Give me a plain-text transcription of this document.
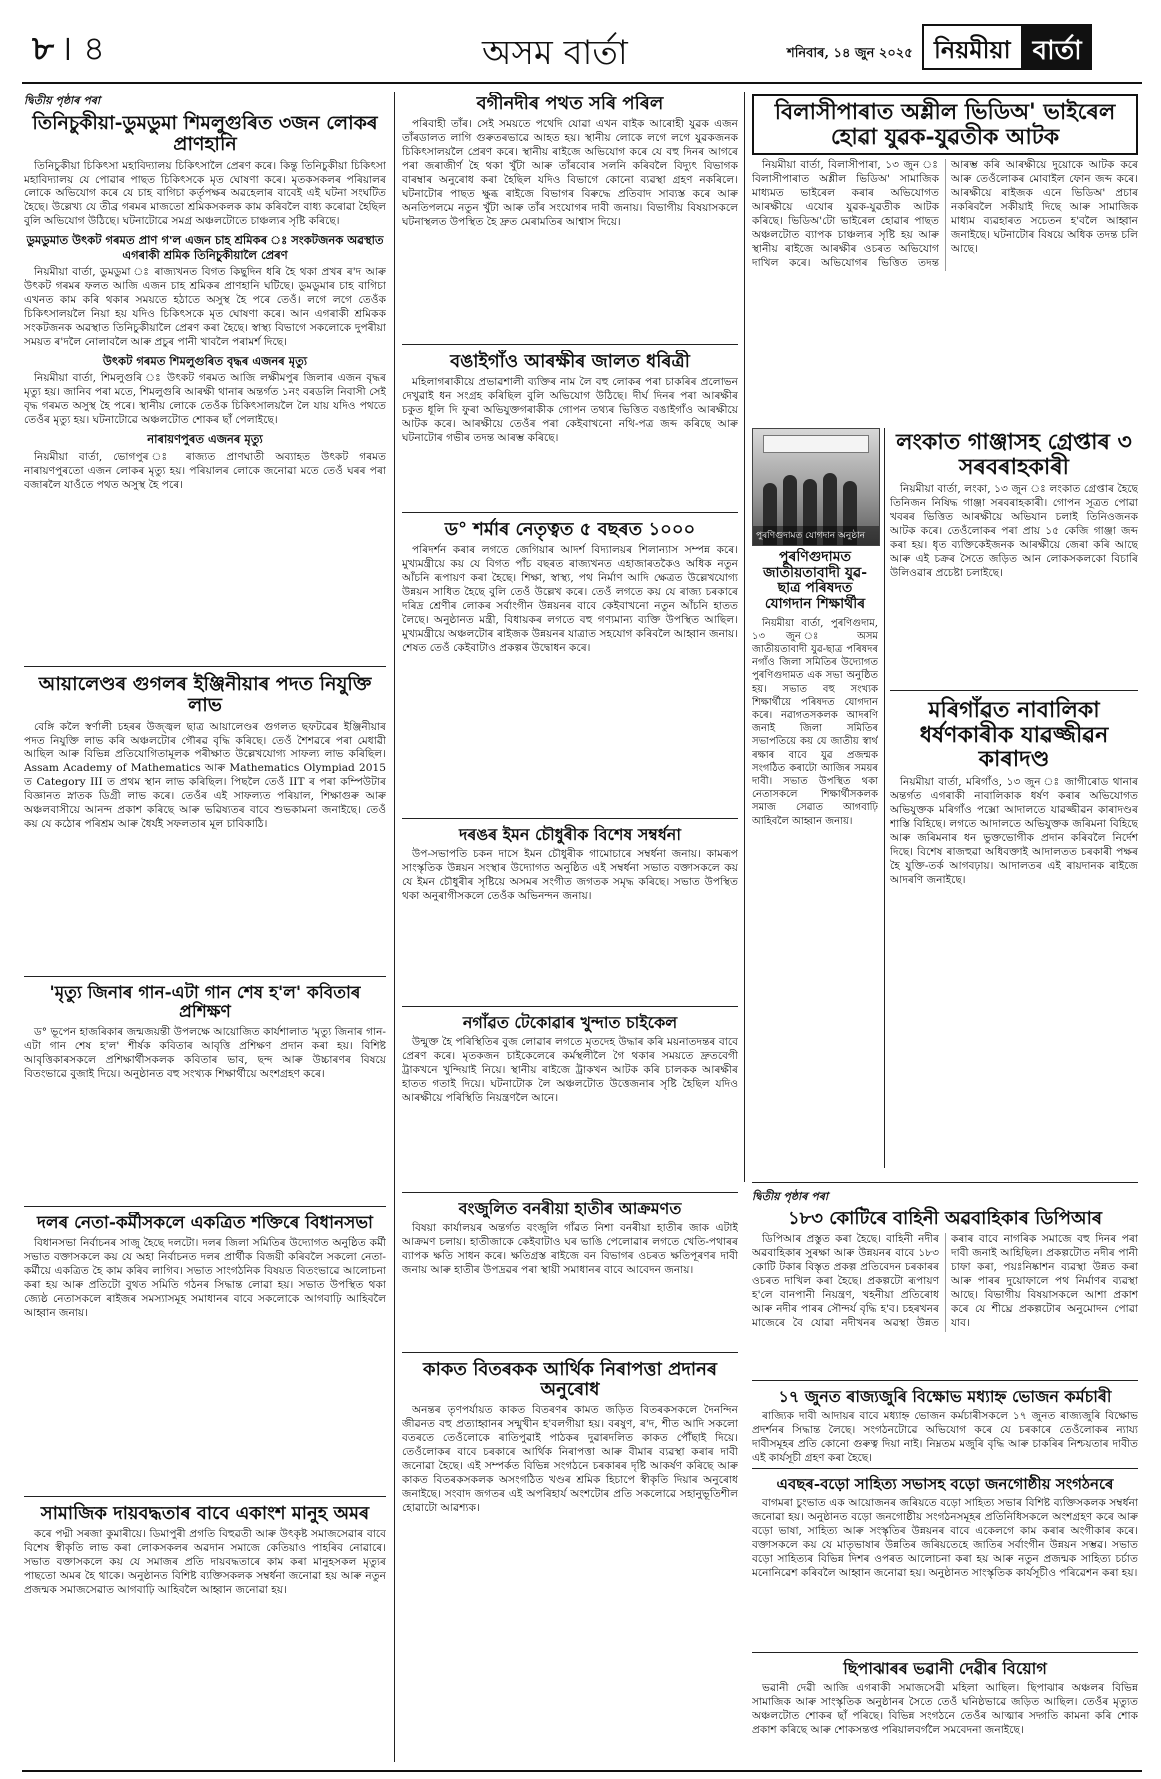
৮ । ৪	অসম বাৰ্তা	শনিবাৰ, ১৪ জুন ২০২৫ নিয়মীয়া বাৰ্তা
দ্বিতীয় পৃষ্ঠাৰ পৰা
তিনিচুকীয়া-ডুমডুমা শিমলুগুৰিত ৩জন লোকৰ প্ৰাণহানি

তিনিচুকীয়া চিকিৎসা মহাবিদ্যালয় চিকিৎসালৈ প্ৰেৰণ কৰে। কিন্তু তিনিচুকীয়া চিকিৎসা মহাবিদ্যালয় যে পোৱাৰ পাছত চিকিৎসকে মৃত ঘোষণা কৰে। মৃতকসকলৰ পৰিয়ালৰ লোকে অভিযোগ কৰে যে চাহ বাগিচা কৰ্তৃপক্ষৰ অৱহেলাৰ বাবেই এই ঘটনা সংঘটিত হৈছে। উল্লেখ্য যে তীব্ৰ গৰমৰ মাজতো শ্ৰমিকসকলক কাম কৰিবলৈ বাধ্য কৰোৱা হৈছিল বুলি অভিযোগ উঠিছে। ঘটনাটোৱে সমগ্ৰ অঞ্চলটোতে চাঞ্চল্যৰ সৃষ্টি কৰিছে।

ডুমডুমাত উৎকট গৰমত প্ৰাণ গ'ল এজন চাহ শ্ৰমিকৰ ঃ সংকটজনক অৱস্থাত এগৰাকী শ্ৰমিক তিনিচুকীয়ালৈ প্ৰেৰণ

নিয়মীয়া বাৰ্তা, ডুমডুমা ঃ ৰাজ্যখনত বিগত কিছুদিন ধৰি হৈ থকা প্ৰখৰ ৰ'দ আৰু উৎকট গৰমৰ ফলত আজি এজন চাহ শ্ৰমিকৰ প্ৰাণহানি ঘটিছে। ডুমডুমাৰ চাহ বাগিচা এখনত কাম কৰি থকাৰ সময়তে হঠাতে অসুস্থ হৈ পৰে তেওঁ। লগে লগে তেওঁক চিকিৎসালয়লৈ নিয়া হয় যদিও চিকিৎসকে মৃত ঘোষণা কৰে। আন এগৰাকী শ্ৰমিকক সংকটজনক অৱস্থাত তিনিচুকীয়ালৈ প্ৰেৰণ কৰা হৈছে। স্বাস্থ্য বিভাগে সকলোকে দুপৰীয়া সময়ত ৰ'দলৈ নোলাবলৈ আৰু প্ৰচুৰ পানী খাবলৈ পৰামৰ্শ দিছে।

উৎকট গৰমত শিমলুগুৰিত বৃদ্ধৰ এজনৰ মৃত্যু

নিয়মীয়া বাৰ্তা, শিমলুগুৰি ঃ উৎকট গৰমত আজি লক্ষীমপুৰ জিলাৰ এজন বৃদ্ধৰ মৃত্যু হয়। জানিব পৰা মতে, শিমলুগুৰি আৰক্ষী থানাৰ অন্তৰ্গত ১নং বৰডলি নিবাসী সেই বৃদ্ধ গৰমত অসুস্থ হৈ পৰে। স্থানীয় লোকে তেওঁক চিকিৎসালয়লৈ লৈ যায় যদিও পথতে তেওঁৰ মৃত্যু হয়। ঘটনাটোৱে অঞ্চলটোত শোকৰ ছাঁ পেলাইছে।

নাৰায়ণপুৰত এজনৰ মৃত্যু

নিয়মীয়া বাৰ্তা, ভোগপুৰ ঃ ৰাজ্যত প্ৰাণঘাতী অব্যাহত উৎকট গৰমত নাৰায়ণপুৰতো এজন লোকৰ মৃত্যু হয়। পৰিয়ালৰ লোকে জনোৱা মতে তেওঁ ঘৰৰ পৰা বজাৰলৈ যাওঁতে পথত অসুস্থ হৈ পৰে।

আয়ালেণ্ডৰ গুগলৰ ইঞ্জিনীয়াৰ পদত নিযুক্তি লাভ

বেঙ্গি কলৈ স্বৰ্ণালী চহৰৰ উজ্জ্বল ছাত্ৰ আয়ালেণ্ডৰ গুগলত ছফটৱেৰ ইঞ্জিনীয়াৰ পদত নিযুক্তি লাভ কৰি অঞ্চলটোৰ গৌৰৱ বৃদ্ধি কৰিছে। তেওঁ শৈশৱৰে পৰা মেধাৱী আছিল আৰু বিভিন্ন প্ৰতিযোগিতামূলক পৰীক্ষাত উল্লেখযোগ্য সাফল্য লাভ কৰিছিল। Assam Academy of Mathematics আৰু Mathematics Olympiad 2015 ত Category III ত প্ৰথম স্থান লাভ কৰিছিল। পিছলৈ তেওঁ IIT ৰ পৰা কম্পিউটাৰ বিজ্ঞানত স্নাতক ডিগ্ৰী লাভ কৰে। তেওঁৰ এই সাফল্যত পৰিয়াল, শিক্ষাগুৰু আৰু অঞ্চলবাসীয়ে আনন্দ প্ৰকাশ কৰিছে আৰু ভৱিষ্যতৰ বাবে শুভকামনা জনাইছে। তেওঁ কয় যে কঠোৰ পৰিশ্ৰম আৰু ধৈৰ্যই সফলতাৰ মূল চাবিকাঠি।

'মৃত্যু জিনাৰ গান-এটা গান শেষ হ'ল' কবিতাৰ প্ৰশিক্ষণ

ড° ভূপেন হাজৰিকাৰ জন্মজয়ন্তী উপলক্ষে আয়োজিত কাৰ্যশালাত 'মৃত্যু জিনাৰ গান-এটা গান শেষ হ'ল' শীৰ্ষক কবিতাৰ আবৃত্তি প্ৰশিক্ষণ প্ৰদান কৰা হয়। বিশিষ্ট আবৃত্তিকাৰসকলে প্ৰশিক্ষাৰ্থীসকলক কবিতাৰ ভাব, ছন্দ আৰু উচ্চাৰণৰ বিষয়ে বিতংভাৱে বুজাই দিয়ে। অনুষ্ঠানত বহু সংখ্যক শিক্ষাৰ্থীয়ে অংশগ্ৰহণ কৰে।

দলৰ নেতা-কৰ্মীসকলে একত্ৰিত শক্তিৰে বিধানসভা

বিধানসভা নিৰ্বাচনৰ সাজু হৈছে দলটো। দলৰ জিলা সমিতিৰ উদ্যোগত অনুষ্ঠিত কৰ্মী সভাত বক্তাসকলে কয় যে অহা নিৰ্বাচনত দলৰ প্ৰাৰ্থীক বিজয়ী কৰিবলৈ সকলো নেতা-কৰ্মীয়ে একত্ৰিত হৈ কাম কৰিব লাগিব। সভাত সাংগঠনিক বিষয়ত বিতংভাৱে আলোচনা কৰা হয় আৰু প্ৰতিটো বুথত সমিতি গঠনৰ সিদ্ধান্ত লোৱা হয়। সভাত উপস্থিত থকা জ্যেষ্ঠ নেতাসকলে ৰাইজৰ সমস্যাসমূহ সমাধানৰ বাবে সকলোকে আগবাঢ়ি আহিবলৈ আহ্বান জনায়।

সামাজিক দায়বদ্ধতাৰ বাবে একাংশ মানুহ অমৰ

কৰে পদ্মী সৰজা কুমাৰীয়ে। ডিমাপুৰী প্ৰগতি বিহুৱতী আৰু উৎকৃষ্ট সমাজসেৱাৰ বাবে বিশেষ স্বীকৃতি লাভ কৰা লোকসকলৰ অৱদান সমাজে কেতিয়াও পাহৰিব নোৱাৰে। সভাত বক্তাসকলে কয় যে সমাজৰ প্ৰতি দায়বদ্ধতাৰে কাম কৰা মানুহসকল মৃত্যুৰ পাছতো অমৰ হৈ থাকে। অনুষ্ঠানত বিশিষ্ট ব্যক্তিসকলক সম্বৰ্ধনা জনোৱা হয় আৰু নতুন প্ৰজন্মক সমাজসেৱাত আগবাঢ়ি আহিবলৈ আহ্বান জনোৱা হয়।

বগীনদীৰ পথত সৰি পৰিল

পৰিবাহী তাঁৰ। সেই সময়তে পথেদি যোৱা এখন বাইক আৰোহী যুৱক এজন তাঁৰডালত লাগি গুৰুতৰভাৱে আহত হয়। স্থানীয় লোকে লগে লগে যুৱকজনক চিকিৎসালয়লৈ প্ৰেৰণ কৰে। স্থানীয় ৰাইজে অভিযোগ কৰে যে বহু দিনৰ আগৰে পৰা জৰাজীৰ্ণ হৈ থকা খুঁটা আৰু তাঁৰবোৰ সলনি কৰিবলৈ বিদ্যুৎ বিভাগক বাৰম্বাৰ অনুৰোধ কৰা হৈছিল যদিও বিভাগে কোনো ব্যৱস্থা গ্ৰহণ নকৰিলে। ঘটনাটোৰ পাছত ক্ষুব্ধ ৰাইজে বিভাগৰ বিৰুদ্ধে প্ৰতিবাদ সাব্যস্ত কৰে আৰু অনতিপলমে নতুন খুঁটা আৰু তাঁৰ সংযোগৰ দাবী জনায়। বিভাগীয় বিষয়াসকলে ঘটনাস্থলত উপস্থিত হৈ দ্ৰুত মেৰামতিৰ আশ্বাস দিয়ে।

বঙাইগাঁও আৰক্ষীৰ জালত ধৰিত্ৰী

মহিলাগৰাকীয়ে প্ৰভাৱশালী ব্যক্তিৰ নাম লৈ বহু লোকৰ পৰা চাকৰিৰ প্ৰলোভন দেখুৱাই ধন সংগ্ৰহ কৰিছিল বুলি অভিযোগ উঠিছে। দীৰ্ঘ দিনৰ পৰা আৰক্ষীৰ চকুত ধূলি দি ফুৰা অভিযুক্তগৰাকীক গোপন তথ্যৰ ভিত্তিত বঙাইগাঁও আৰক্ষীয়ে আটক কৰে। আৰক্ষীয়ে তেওঁৰ পৰা কেইবাখনো নথি-পত্ৰ জব্দ কৰিছে আৰু ঘটনাটোৰ গভীৰ তদন্ত আৰম্ভ কৰিছে।

ড° শৰ্মাৰ নেতৃত্বত ৫ বছৰত ১০০০

পৰিদৰ্শন কৰাৰ লগতে জেগিয়াৰ আদৰ্শ বিদ্যালয়ৰ শিলান্যাস সম্পন্ন কৰে। মুখ্যমন্ত্ৰীয়ে কয় যে বিগত পাঁচ বছৰত ৰাজ্যখনত এহাজাৰতকৈও অধিক নতুন আঁচনি ৰূপায়ণ কৰা হৈছে। শিক্ষা, স্বাস্থ্য, পথ নিৰ্মাণ আদি ক্ষেত্ৰত উল্লেখযোগ্য উন্নয়ন সাধিত হৈছে বুলি তেওঁ উল্লেখ কৰে। তেওঁ লগতে কয় যে ৰাজ্য চৰকাৰে দৰিদ্ৰ শ্ৰেণীৰ লোকৰ সৰ্বাংগীন উন্নয়নৰ বাবে কেইবাখনো নতুন আঁচনি হাতত লৈছে। অনুষ্ঠানত মন্ত্ৰী, বিধায়কৰ লগতে বহু গণ্যমান্য ব্যক্তি উপস্থিত আছিল। মুখ্যমন্ত্ৰীয়ে অঞ্চলটোৰ ৰাইজক উন্নয়নৰ যাত্ৰাত সহযোগ কৰিবলৈ আহ্বান জনায়। শেষত তেওঁ কেইবাটাও প্ৰকল্পৰ উদ্বোধন কৰে।

দৰঙৰ ইমন চৌধুৰীক বিশেষ সম্বৰ্ধনা

উপ-সভাপতি চকন দাসে ইমন চৌধুৰীক গামোচাৰে সম্বৰ্ধনা জনায়। কামৰূপ সাংস্কৃতিক উন্নয়ন সংস্থাৰ উদ্যোগত অনুষ্ঠিত এই সম্বৰ্ধনা সভাত বক্তাসকলে কয় যে ইমন চৌধুৰীৰ সৃষ্টিয়ে অসমৰ সংগীত জগতক সমৃদ্ধ কৰিছে। সভাত উপস্থিত থকা অনুৰাগীসকলে তেওঁক অভিনন্দন জনায়।

নগাঁৱত টেকোৱাৰ খুন্দাত চাইকেল

উন্মুক্ত হৈ পৰিস্থিতিৰ বুজ লোৱাৰ লগতে মৃতদেহ উদ্ধাৰ কৰি ময়নাতদন্তৰ বাবে প্ৰেৰণ কৰে। মৃতকজন চাইকেলেৰে কৰ্মস্থলীলৈ গৈ থকাৰ সময়তে দ্ৰুতবেগী ট্ৰাকখনে খুন্দিয়াই নিয়ে। স্থানীয় ৰাইজে ট্ৰাকখন আটক কৰি চালকক আৰক্ষীৰ হাতত গতাই দিয়ে। ঘটনাটোক লৈ অঞ্চলটোত উত্তেজনাৰ সৃষ্টি হৈছিল যদিও আৰক্ষীয়ে পৰিস্থিতি নিয়ন্ত্ৰণলৈ আনে।

বংজুলিত বনৰীয়া হাতীৰ আক্ৰমণত

বিষয়া কাৰ্যালয়ৰ অন্তৰ্গত বংজুলি গাঁৱত নিশা বনৰীয়া হাতীৰ জাক এটাই আক্ৰমণ চলায়। হাতীজাকে কেইবাটাও ঘৰ ভাঙি পেলোৱাৰ লগতে খেতি-পথাৰৰ ব্যাপক ক্ষতি সাধন কৰে। ক্ষতিগ্ৰস্ত ৰাইজে বন বিভাগৰ ওচৰত ক্ষতিপূৰণৰ দাবী জনায় আৰু হাতীৰ উপদ্ৰৱৰ পৰা স্থায়ী সমাধানৰ বাবে আবেদন জনায়।

কাকত বিতৰকক আৰ্থিক নিৰাপত্তা প্ৰদানৰ অনুৰোধ

অনন্তৰ তৃণপৰ্যায়ত কাকত বিতৰণৰ কামত জড়িত বিতৰকসকলে দৈনন্দিন জীৱনত বহু প্ৰত্যাহ্বানৰ সন্মুখীন হ'বলগীয়া হয়। বৰষুণ, ৰ'দ, শীত আদি সকলো বতৰতে তেওঁলোকে ৰাতিপুৱাই পাঠকৰ দুৱাৰদলিত কাকত পৌঁছাই দিয়ে। তেওঁলোকৰ বাবে চৰকাৰে আৰ্থিক নিৰাপত্তা আৰু বীমাৰ ব্যৱস্থা কৰাৰ দাবী জনোৱা হৈছে। এই সম্পৰ্কত বিভিন্ন সংগঠনে চৰকাৰৰ দৃষ্টি আকৰ্ষণ কৰিছে আৰু কাকত বিতৰকসকলক অসংগঠিত খণ্ডৰ শ্ৰমিক হিচাপে স্বীকৃতি দিয়াৰ অনুৰোধ জনাইছে। সংবাদ জগতৰ এই অপৰিহাৰ্য অংশটোৰ প্ৰতি সকলোৱে সহানুভূতিশীল হোৱাটো আৱশ্যক।

বিলাসীপাৰাত অশ্লীল ভিডিঅ' ভাইৰেল হোৱা যুৱক-যুৱতীক আটক

নিয়মীয়া বাৰ্তা, বিলাসীপাৰা, ১৩ জুন ঃ বিলাসীপাৰাত অশ্লীল ভিডিঅ' সামাজিক মাধ্যমত ভাইৰেল কৰাৰ অভিযোগত আৰক্ষীয়ে এযোৰ যুৱক-যুৱতীক আটক কৰিছে। ভিডিঅ'টো ভাইৰেল হোৱাৰ পাছত অঞ্চলটোত ব্যাপক চাঞ্চল্যৰ সৃষ্টি হয় আৰু স্থানীয় ৰাইজে আৰক্ষীৰ ওচৰত অভিযোগ দাখিল কৰে। অভিযোগৰ ভিত্তিত তদন্ত আৰম্ভ কৰি আৰক্ষীয়ে দুয়োকে আটক কৰে আৰু তেওঁলোকৰ মোবাইল ফোন জব্দ কৰে। আৰক্ষীয়ে ৰাইজক এনে ভিডিঅ' প্ৰচাৰ নকৰিবলৈ সকীয়াই দিছে আৰু সামাজিক মাধ্যম ব্যৱহাৰত সচেতন হ'বলৈ আহ্বান জনাইছে। ঘটনাটোৰ বিষয়ে অধিক তদন্ত চলি আছে।

পুৰণিগুদামত যোগদান অনুষ্ঠান
পুৰণিগুদামত জাতীয়তাবাদী যুৱ-ছাত্ৰ পৰিষদত যোগদান শিক্ষাৰ্থীৰ

নিয়মীয়া বাৰ্তা, পুৰণিগুদাম, ১৩ জুন ঃ অসম জাতীয়তাবাদী যুৱ-ছাত্ৰ পৰিষদৰ নগাঁও জিলা সমিতিৰ উদ্যোগত পুৰণিগুদামত এক সভা অনুষ্ঠিত হয়। সভাত বহু সংখ্যক শিক্ষাৰ্থীয়ে পৰিষদত যোগদান কৰে। নৱাগতসকলক আদৰণি জনাই জিলা সমিতিৰ সভাপতিয়ে কয় যে জাতীয় স্বাৰ্থ ৰক্ষাৰ বাবে যুৱ প্ৰজন্মক সংগঠিত কৰাটো আজিৰ সময়ৰ দাবী। সভাত উপস্থিত থকা নেতাসকলে শিক্ষাৰ্থীসকলক সমাজ সেৱাত আগবাঢ়ি আহিবলৈ আহ্বান জনায়।

লংকাত গাঞ্জাসহ গ্ৰেপ্তাৰ ৩ সৰবৰাহকাৰী

নিয়মীয়া বাৰ্তা, লংকা, ১৩ জুন ঃ লংকাত গ্ৰেপ্তাৰ হৈছে তিনিজন নিষিদ্ধ গাঞ্জা সৰবৰাহকাৰী। গোপন সূত্ৰত পোৱা খবৰৰ ভিত্তিত আৰক্ষীয়ে অভিযান চলাই তিনিওজনক আটক কৰে। তেওঁলোকৰ পৰা প্ৰায় ১৫ কেজি গাঞ্জা জব্দ কৰা হয়। ধৃত ব্যক্তিকেইজনক আৰক্ষীয়ে জেৰা কৰি আছে আৰু এই চক্ৰৰ সৈতে জড়িত আন লোকসকলকো বিচাৰি উলিওৱাৰ প্ৰচেষ্টা চলাইছে।

মৰিগাঁৱত নাবালিকা ধৰ্ষণকাৰীক যাৱজ্জীৱন কাৰাদণ্ড

নিয়মীয়া বাৰ্তা, মৰিগাঁও, ১৩ জুন ঃ জাগীৰোড থানাৰ অন্তৰ্গত এগৰাকী নাবালিকাক ধৰ্ষণ কৰাৰ অভিযোগত অভিযুক্তক মৰিগাঁও পক্সো আদালতে যাৱজ্জীৱন কাৰাদণ্ডৰ শাস্তি বিহিছে। লগতে আদালতে অভিযুক্তক জৰিমনা বিহিছে আৰু জৰিমনাৰ ধন ভুক্তভোগীক প্ৰদান কৰিবলৈ নিৰ্দেশ দিছে। বিশেষ ৰাজহুৱা অধিবক্তাই আদালতত চৰকাৰী পক্ষৰ হৈ যুক্তি-তৰ্ক আগবঢ়ায়। আদালতৰ এই ৰায়দানক ৰাইজে আদৰণি জনাইছে।

দ্বিতীয় পৃষ্ঠাৰ পৰা
১৮৩ কোটিৰে বাহিনী অৱবাহিকাৰ ডিপিআৰ

ডিপিআৰ প্ৰস্তুত কৰা হৈছে। বাহিনী নদীৰ অৱবাহিকাৰ সুৰক্ষা আৰু উন্নয়নৰ বাবে ১৮৩ কোটি টকাৰ বিস্তৃত প্ৰকল্প প্ৰতিবেদন চৰকাৰৰ ওচৰত দাখিল কৰা হৈছে। প্ৰকল্পটো ৰূপায়ণ হ'লে বানপানী নিয়ন্ত্ৰণ, খহনীয়া প্ৰতিৰোধ আৰু নদীৰ পাৰৰ সৌন্দৰ্য বৃদ্ধি হ'ব। চহৰখনৰ মাজেৰে বৈ যোৱা নদীখনৰ অৱস্থা উন্নত কৰাৰ বাবে নাগৰিক সমাজে বহু দিনৰ পৰা দাবী জনাই আহিছিল। প্ৰকল্পটোত নদীৰ পানী চাফা কৰা, পয়ঃনিষ্কাশন ব্যৱস্থা উন্নত কৰা আৰু পাৰৰ দুয়োফালে পথ নিৰ্মাণৰ ব্যৱস্থা আছে। বিভাগীয় বিষয়াসকলে আশা প্ৰকাশ কৰে যে শীঘ্ৰে প্ৰকল্পটোৰ অনুমোদন পোৱা যাব।

১৭ জুনত ৰাজ্যজুৰি বিক্ষোভ মধ্যাহ্ন ভোজন কৰ্মচাৰী

ৰাজ্যিক দাবী আদায়ৰ বাবে মধ্যাহ্ন ভোজন কৰ্মচাৰীসকলে ১৭ জুনত ৰাজ্যজুৰি বিক্ষোভ প্ৰদৰ্শনৰ সিদ্ধান্ত লৈছে। সংগঠনটোৱে অভিযোগ কৰে যে চৰকাৰে তেওঁলোকৰ ন্যায্য দাবীসমূহৰ প্ৰতি কোনো গুৰুত্ব দিয়া নাই। নিম্নতম মজুৰি বৃদ্ধি আৰু চাকৰিৰ নিশ্চয়তাৰ দাবীত এই কাৰ্যসূচী গ্ৰহণ কৰা হৈছে।

এবছৰ-বড়ো সাহিত্য সভাসহ বড়ো জনগোষ্ঠীয় সংগঠনৰে

বাগমৰা চুংভাত এক আয়োজনৰ জৰিয়তে বড়ো সাহিত্য সভাৰ বিশিষ্ট ব্যক্তিসকলক সম্বৰ্ধনা জনোৱা হয়। অনুষ্ঠানত বড়ো জনগোষ্ঠীয় সংগঠনসমূহৰ প্ৰতিনিধিসকলে অংশগ্ৰহণ কৰে আৰু বড়ো ভাষা, সাহিত্য আৰু সংস্কৃতিৰ উন্নয়নৰ বাবে একেলগে কাম কৰাৰ অংগীকাৰ কৰে। বক্তাসকলে কয় যে মাতৃভাষাৰ উন্নতিৰ জৰিয়তেহে জাতিৰ সৰ্বাংগীন উন্নয়ন সম্ভৱ। সভাত বড়ো সাহিত্যৰ বিভিন্ন দিশৰ ওপৰত আলোচনা কৰা হয় আৰু নতুন প্ৰজন্মক সাহিত্য চৰ্চাত মনোনিৱেশ কৰিবলৈ আহ্বান জনোৱা হয়। অনুষ্ঠানত সাংস্কৃতিক কাৰ্যসূচীও পৰিৱেশন কৰা হয়।

ছিপাঝাৰৰ ভৱানী দেৱীৰ বিয়োগ

ভৱানী দেৱী আজি এগৰাকী সমাজসেৱী মহিলা আছিল। ছিপাঝাৰ অঞ্চলৰ বিভিন্ন সামাজিক আৰু সাংস্কৃতিক অনুষ্ঠানৰ সৈতে তেওঁ ঘনিষ্ঠভাৱে জড়িত আছিল। তেওঁৰ মৃত্যুত অঞ্চলটোত শোকৰ ছাঁ পৰিছে। বিভিন্ন সংগঠনে তেওঁৰ আত্মাৰ সদ্গতি কামনা কৰি শোক প্ৰকাশ কৰিছে আৰু শোকসন্তপ্ত পৰিয়ালবৰ্গলৈ সমবেদনা জনাইছে।
